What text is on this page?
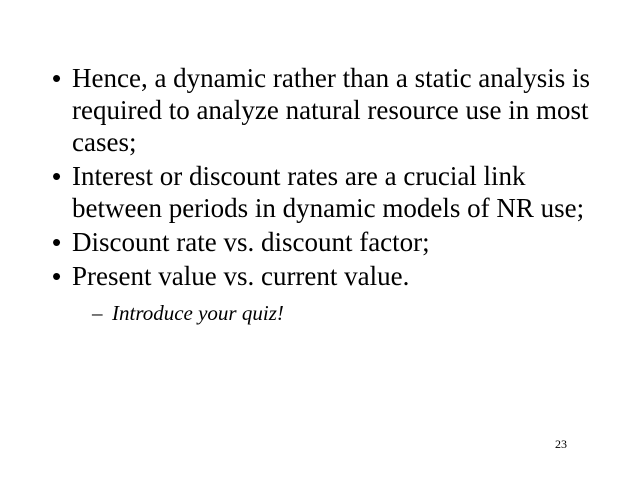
• Hence, a dynamic rather than a static analysis is required to analyze natural resource use in most cases;
• Interest or discount rates are a crucial link between periods in dynamic models of NR use;
• Discount rate vs. discount factor;
• Present value vs. current value.
– Introduce your quiz!
23
